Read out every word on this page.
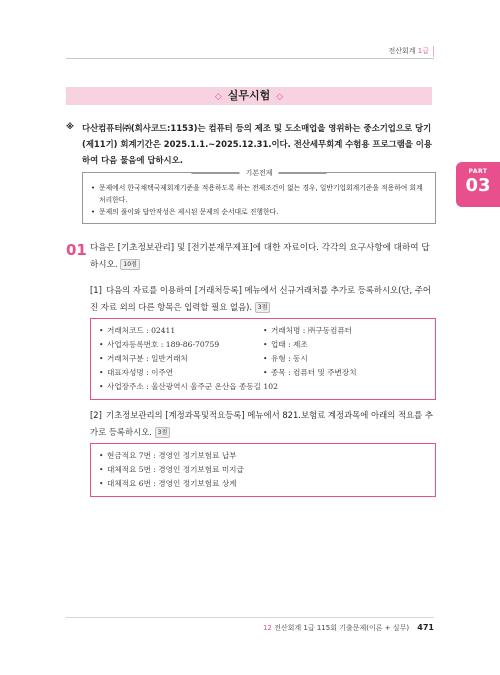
전산회계 1급
◇ 실무시험 ◇
PART
03
※ 다산컴퓨터㈜(회사코드:1153)는 컴퓨터 등의 제조 및 도소매업을 영위하는 중소기업으로 당기(제11기) 회계기간은 2025.1.1.~2025.12.31.이다. 전산세무회계 수험용 프로그램을 이용하여 다음 물음에 답하시오.
기본전제
• 문제에서 한국채택국제회계기준을 적용하도록 하는 전제조건이 없는 경우, 일반기업회계기준을 적용하여 회계처리한다.
• 문제의 풀이와 답안작성은 제시된 문제의 순서대로 진행한다.
01 다음은 [기초정보관리] 및 [전기분재무제표]에 대한 자료이다. 각각의 요구사항에 대하여 답하시오. 10점
[1] 다음의 자료를 이용하여 [거래처등록] 메뉴에서 신규거래처를 추가로 등록하시오(단, 주어진 자료 외의 다른 항목은 입력할 필요 없음). 3점
• 거래처코드 : 02411	• 거래처명 : ㈜구동컴퓨터
• 사업자등록번호 : 189-86-70759	• 업태 : 제조
• 거래처구분 : 일반거래처	• 유형 : 동시
• 대표자성명 : 이주연	• 종목 : 컴퓨터 및 주변장치
• 사업장주소 : 울산광역시 울주군 온산읍 종동길 102
[2] 기초정보관리의 [계정과목및적요등록] 메뉴에서 821.보험료 계정과목에 아래의 적요를 추가로 등록하시오. 3점
• 현금적요 7번 : 경영인 정기보험료 납부
• 대체적요 5번 : 경영인 정기보험료 미지급
• 대체적요 6번 : 경영인 정기보험료 상계
12 전산회계 1급 115회 기출문제(이론 + 실무) 471
